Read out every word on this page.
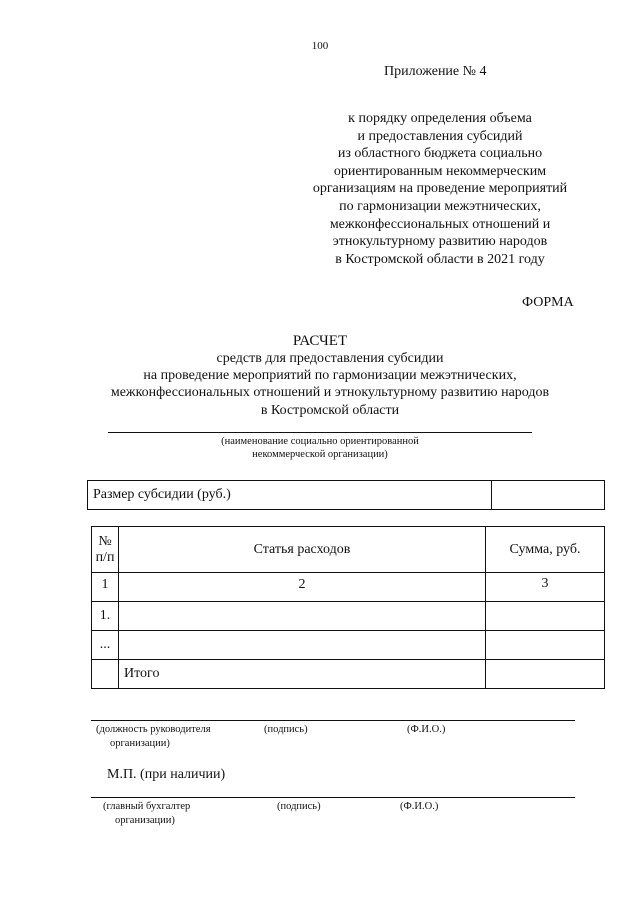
100
Приложение № 4
к порядку определения объема
и предоставления субсидий
из областного бюджета социально
ориентированным некоммерческим
организациям на проведение мероприятий
по гармонизации межэтнических,
межконфессиональных отношений и
этнокультурному развитию народов
в Костромской области в 2021 году
ФОРМА
РАСЧЕТ
средств для предоставления субсидии
на проведение мероприятий по гармонизации межэтнических,
межконфессиональных отношений и этнокультурному развитию народов
в Костромской области
(наименование социально ориентированной
некоммерческой организации)
Размер субсидии (руб.)	
№
п/п	Статья расходов	Сумма, руб.
1	2	3
1.		
...		
	Итого	
(должность руководителя
организации)
(подпись)	(Ф.И.О.)
М.П. (при наличии)
(главный бухгалтер
организации)
(подпись)	(Ф.И.О.)
